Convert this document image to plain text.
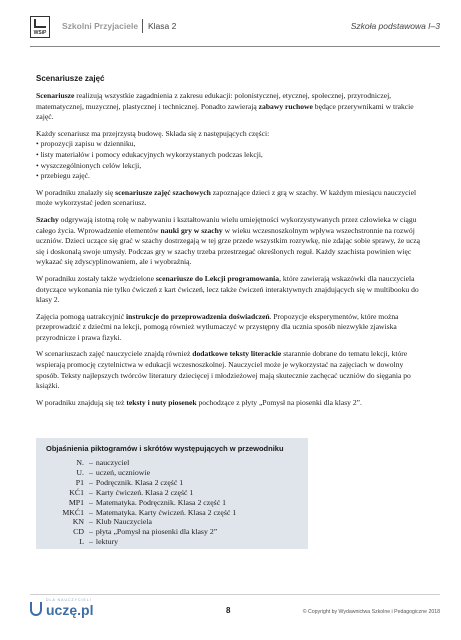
WSiP
Szkolni Przyjaciele Klasa 2	Szkoła podstawowa I–3
Scenariusze zajęć

Scenariusze realizują wszystkie zagadnienia z zakresu edukacji: polonistycznej, etycznej, społecznej, przyrodniczej, matematycznej, muzycznej, plastycznej i technicznej. Ponadto zawierają zabawy ruchowe będące przerywnikami w trakcie zajęć.

Każdy scenariusz ma przejrzystą budowę. Składa się z następujących części:

• propozycji zapisu w dzienniku,
• listy materiałów i pomocy edukacyjnych wykorzystanych podczas lekcji,
• wyszczególnionych celów lekcji,
• przebiegu zajęć.

W poradniku znalazły się scenariusze zajęć szachowych zapoznające dzieci z grą w szachy. W każdym miesiącu nauczyciel może wykorzystać jeden scenariusz.

Szachy odgrywają istotną rolę w nabywaniu i kształtowaniu wielu umiejętności wykorzystywanych przez człowieka w ciągu całego życia. Wprowadzenie elementów nauki gry w szachy w wieku wczesnoszkolnym wpływa wszechstronnie na rozwój uczniów. Dzieci uczące się grać w szachy dostrzegają w tej grze przede wszystkim rozrywkę, nie zdając sobie sprawy, że uczą się i doskonalą swoje umysły. Podczas gry w szachy trzeba przestrzegać określonych reguł. Każdy szachista powinien więc wykazać się zdyscyplinowaniem, ale i wyobraźnią.

W poradniku zostały także wydzielone scenariusze do Lekcji programowania, które zawierają wskazówki dla nauczyciela dotyczące wykonania nie tylko ćwiczeń z kart ćwiczeń, lecz także ćwiczeń interaktywnych znajdujących się w multibooku do klasy 2.

Zajęcia pomogą uatrakcyjnić instrukcje do przeprowadzenia doświadczeń. Propozycje eksperymentów, które można przeprowadzić z dziećmi na lekcji, pomogą również wytłumaczyć w przystępny dla ucznia sposób niezwykłe zjawiska przyrodnicze i prawa fizyki.

W scenariuszach zajęć nauczyciele znajdą również dodatkowe teksty literackie starannie dobrane do tematu lekcji, które wspierają promocję czytelnictwa w edukacji wczesnoszkolnej. Nauczyciel może je wykorzystać na zajęciach w dowolny sposób. Teksty najlepszych twórców literatury dziecięcej i młodzieżowej mają skutecznie zachęcać uczniów do sięgania po książki.

W poradniku znajdują się też teksty i nuty piosenek pochodzące z płyty „Pomysł na piosenki dla klasy 2”.

Objaśnienia piktogramów i skrótów występujących w przewodniku
N. – nauczyciel
U. – uczeń, uczniowie
P1 – Podręcznik. Klasa 2 część 1
KĆ1 – Karty ćwiczeń. Klasa 2 część 1
MP1 – Matematyka. Podręcznik. Klasa 2 część 1
MKĆ1 – Matematyka. Karty ćwiczeń. Klasa 2 część 1
KN – Klub Nauczyciela
CD – płyta „Pomysł na piosenki dla klasy 2”
L – lektury
DLA NAUCZYCIELI
uczę.pl	8	© Copyright by Wydawnictwa Szkolne i Pedagogiczne 2018
